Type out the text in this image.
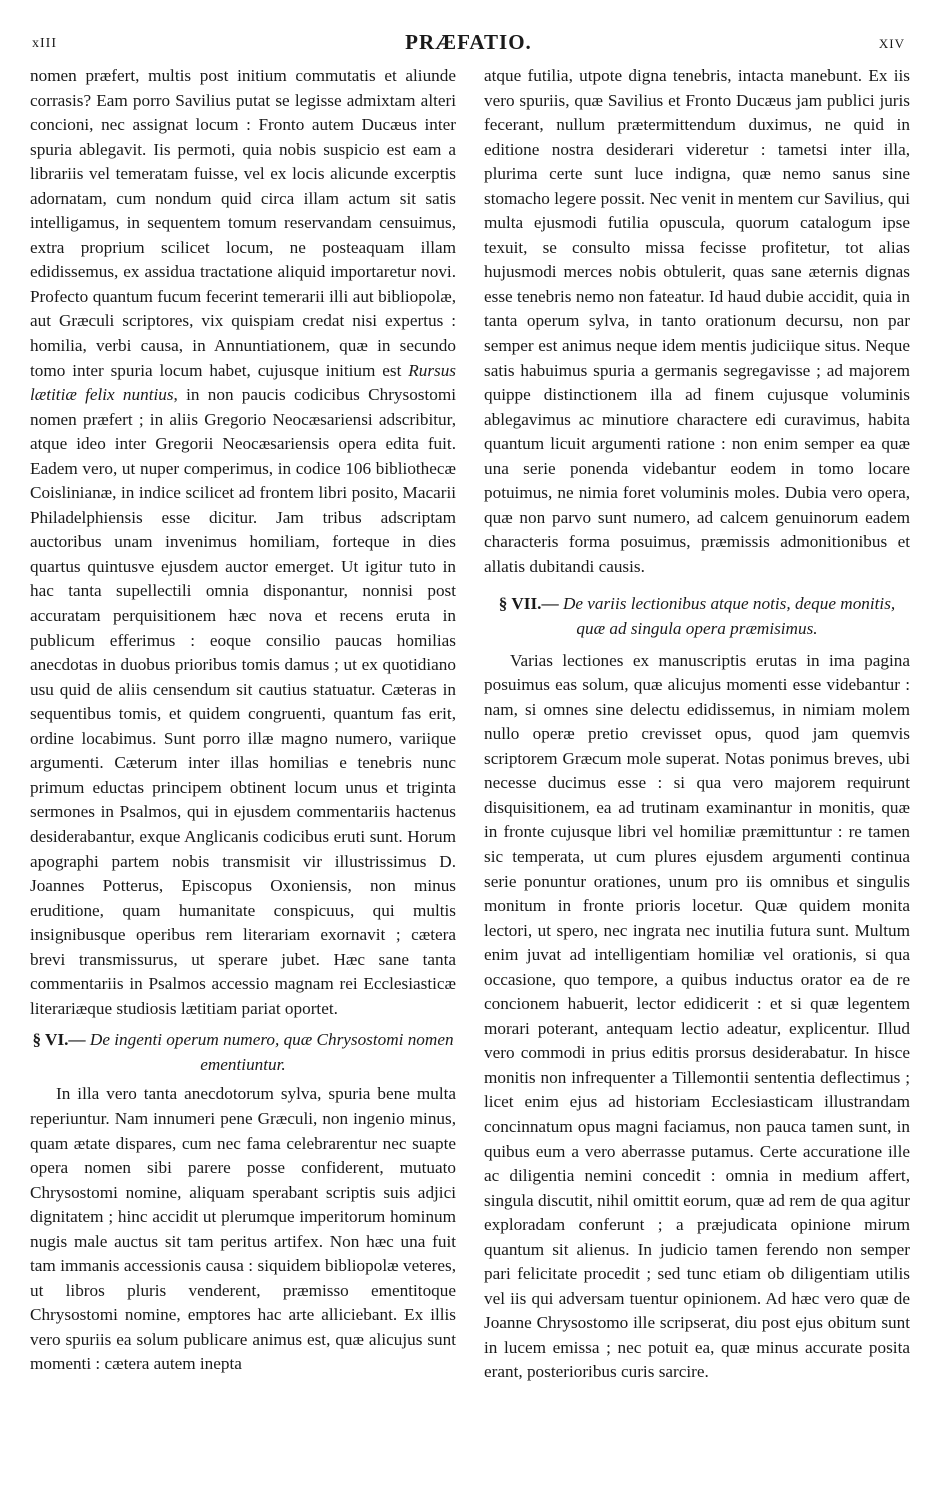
xIII	PRÆFATIO.	XIV

nomen præfert, multis post initium commutatis et aliunde corrasis? Eam porro Savilius putat se legisse admixtam alteri concioni, nec assignat locum : Fronto autem Ducæus inter spuria ablegavit. Iis permoti, quia nobis suspicio est eam a librariis vel temeratam fuisse, vel ex locis alicunde excerptis adornatam, cum nondum quid circa illam actum sit satis intelligamus, in sequentem tomum reservandam censuimus, extra proprium scilicet locum, ne posteaquam illam edidissemus, ex assidua tractatione aliquid importaretur novi. Profecto quantum fucum fecerint temerarii illi aut bibliopolæ, aut Græculi scriptores, vix quispiam credat nisi expertus : homilia, verbi causa, in Annuntiationem, quæ in secundo tomo inter spuria locum habet, cujusque initium est Rursus lætitiæ felix nuntius, in non paucis codicibus Chrysostomi nomen præfert ; in aliis Gregorio Neocæsariensi adscribitur, atque ideo inter Gregorii Neocæsariensis opera edita fuit. Eadem vero, ut nuper comperimus, in codice 106 bibliothecæ Coislinianæ, in indice scilicet ad frontem libri posito, Macarii Philadelphiensis esse dicitur. Jam tribus adscriptam auctoribus unam invenimus homiliam, forteque in dies quartus quintusve ejusdem auctor emerget. Ut igitur tuto in hac tanta supellectili omnia disponantur, nonnisi post accuratam perquisitionem hæc nova et recens eruta in publicum efferimus : eoque consilio paucas homilias anecdotas in duobus prioribus tomis damus ; ut ex quotidiano usu quid de aliis censendum sit cautius statuatur. Cæteras in sequentibus tomis, et quidem congruenti, quantum fas erit, ordine locabimus. Sunt porro illæ magno numero, variique argumenti. Cæterum inter illas homilias e tenebris nunc primum eductas principem obtinent locum unus et triginta sermones in Psalmos, qui in ejusdem commentariis hactenus desiderabantur, exque Anglicanis codicibus eruti sunt. Horum apographi partem nobis transmisit vir illustrissimus D. Joannes Potterus, Episcopus Oxoniensis, non minus eruditione, quam humanitate conspicuus, qui multis insignibusque operibus rem literariam exornavit ; cætera brevi transmissurus, ut sperare jubet. Hæc sane tanta commentariis in Psalmos accessio magnam rei Ecclesiasticæ literariæque studiosis lætitiam pariat oportet.

§ VI.— De ingenti operum numero, quæ Chrysostomi nomen ementiuntur.

In illa vero tanta anecdotorum sylva, spuria bene multa reperiuntur. Nam innumeri pene Græculi, non ingenio minus, quam ætate dispares, cum nec fama celebrarentur nec suapte opera nomen sibi parere posse confiderent, mutuato Chrysostomi nomine, aliquam sperabant scriptis suis adjici dignitatem ; hinc accidit ut plerumque imperitorum hominum nugis male auctus sit tam peritus artifex. Non hæc una fuit tam immanis accessionis causa : siquidem bibliopolæ veteres, ut libros pluris venderent, præmisso ementitoque Chrysostomi nomine, emptores hac arte alliciebant. Ex illis vero spuriis ea solum publicare animus est, quæ alicujus sunt momenti : cætera autem inepta

atque futilia, utpote digna tenebris, intacta manebunt. Ex iis vero spuriis, quæ Savilius et Fronto Ducæus jam publici juris fecerant, nullum prætermittendum duximus, ne quid in editione nostra desiderari videretur : tametsi inter illa, plurima certe sunt luce indigna, quæ nemo sanus sine stomacho legere possit. Nec venit in mentem cur Savilius, qui multa ejusmodi futilia opuscula, quorum catalogum ipse texuit, se consulto missa fecisse profitetur, tot alias hujusmodi merces nobis obtulerit, quas sane æternis dignas esse tenebris nemo non fateatur. Id haud dubie accidit, quia in tanta operum sylva, in tanto orationum decursu, non par semper est animus neque idem mentis judiciique situs. Neque satis habuimus spuria a germanis segregavisse ; ad majorem quippe distinctionem illa ad finem cujusque voluminis ablegavimus ac minutiore charactere edi curavimus, habita quantum licuit argumenti ratione : non enim semper ea quæ una serie ponenda videbantur eodem in tomo locare potuimus, ne nimia foret voluminis moles. Dubia vero opera, quæ non parvo sunt numero, ad calcem genuinorum eadem characteris forma posuimus, præmissis admonitionibus et allatis dubitandi causis.

§ VII.— De variis lectionibus atque notis, deque monitis, quæ ad singula opera præmisimus.

Varias lectiones ex manuscriptis erutas in ima pagina posuimus eas solum, quæ alicujus momenti esse videbantur : nam, si omnes sine delectu edidissemus, in nimiam molem nullo operæ pretio crevisset opus, quod jam quemvis scriptorem Græcum mole superat. Notas ponimus breves, ubi necesse ducimus esse : si qua vero majorem requirunt disquisitionem, ea ad trutinam examinantur in monitis, quæ in fronte cujusque libri vel homiliæ præmittuntur : re tamen sic temperata, ut cum plures ejusdem argumenti continua serie ponuntur orationes, unum pro iis omnibus et singulis monitum in fronte prioris locetur. Quæ quidem monita lectori, ut spero, nec ingrata nec inutilia futura sunt. Multum enim juvat ad intelligentiam homiliæ vel orationis, si qua occasione, quo tempore, a quibus inductus orator ea de re concionem habuerit, lector edidicerit : et si quæ legentem morari poterant, antequam lectio adeatur, explicentur. Illud vero commodi in prius editis prorsus desiderabatur. In hisce monitis non infrequenter a Tillemontii sententia deflectimus ; licet enim ejus ad historiam Ecclesiasticam illustrandam concinnatum opus magni faciamus, non pauca tamen sunt, in quibus eum a vero aberrasse putamus. Certe accuratione ille ac diligentia nemini concedit : omnia in medium affert, singula discutit, nihil omittit eorum, quæ ad rem de qua agitur exploradam conferunt ; a præjudicata opinione mirum quantum sit alienus. In judicio tamen ferendo non semper pari felicitate procedit ; sed tunc etiam ob diligentiam utilis vel iis qui adversam tuentur opinionem. Ad hæc vero quæ de Joanne Chrysostomo ille scripserat, diu post ejus obitum sunt in lucem emissa ; nec potuit ea, quæ minus accurate posita erant, posterioribus curis sarcire.
